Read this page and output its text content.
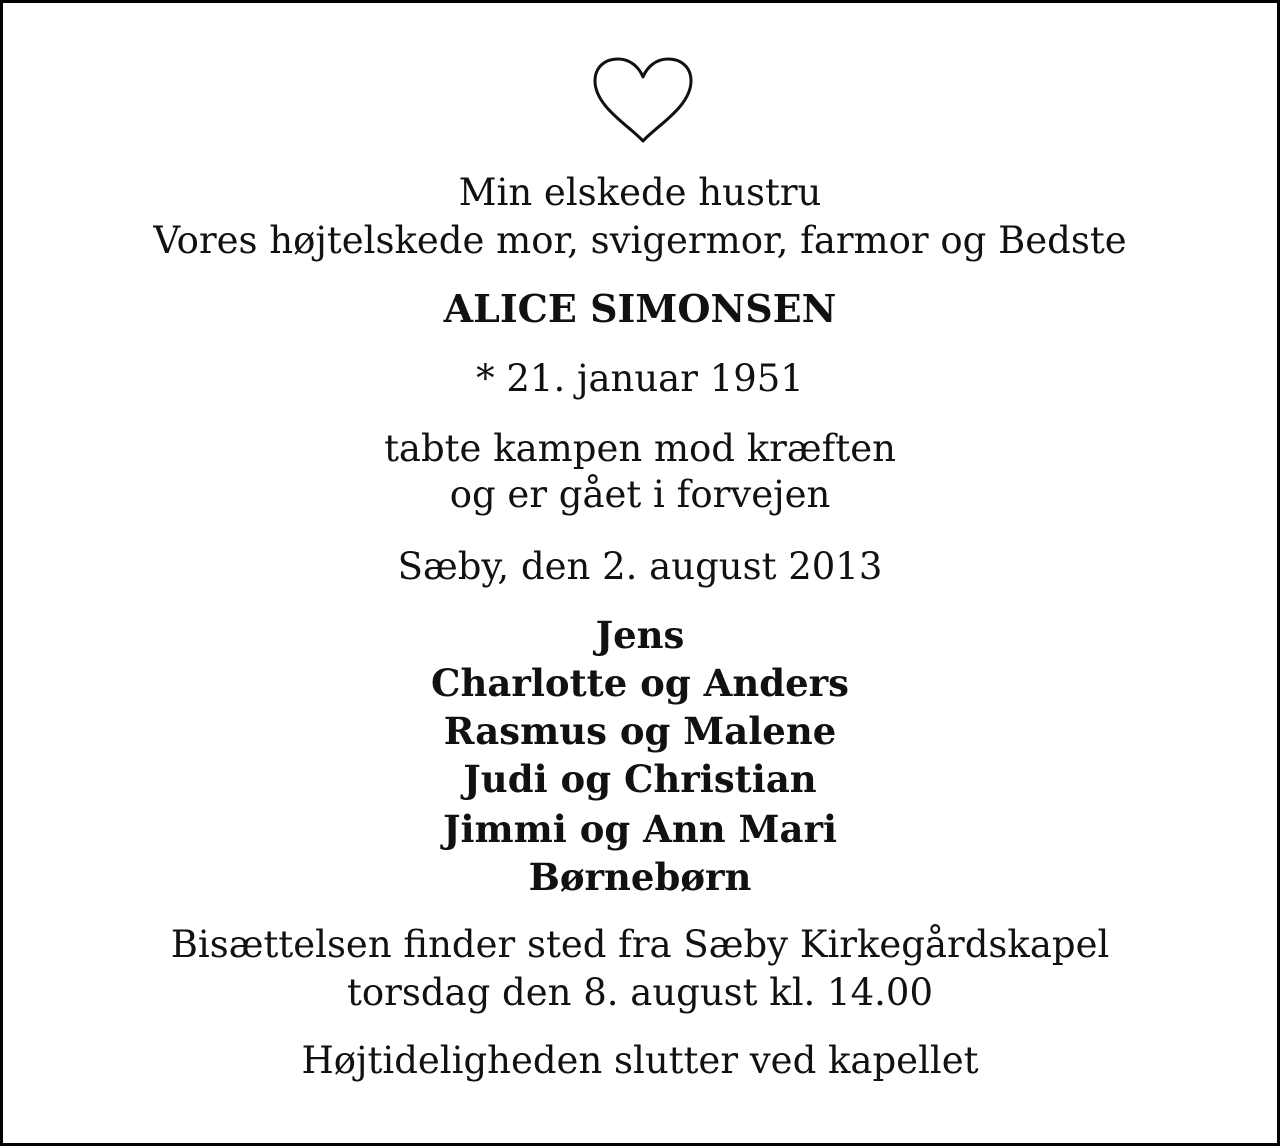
Min elskede hustru
Vores højtelskede mor, svigermor, farmor og Bedste
ALICE SIMONSEN
* 21. januar 1951
tabte kampen mod kræften
og er gået i forvejen
Sæby, den 2. august 2013
Jens
Charlotte og Anders
Rasmus og Malene
Judi og Christian
Jimmi og Ann Mari
Børnebørn
Bisættelsen finder sted fra Sæby Kirkegårdskapel
torsdag den 8. august kl. 14.00
Højtideligheden slutter ved kapellet
